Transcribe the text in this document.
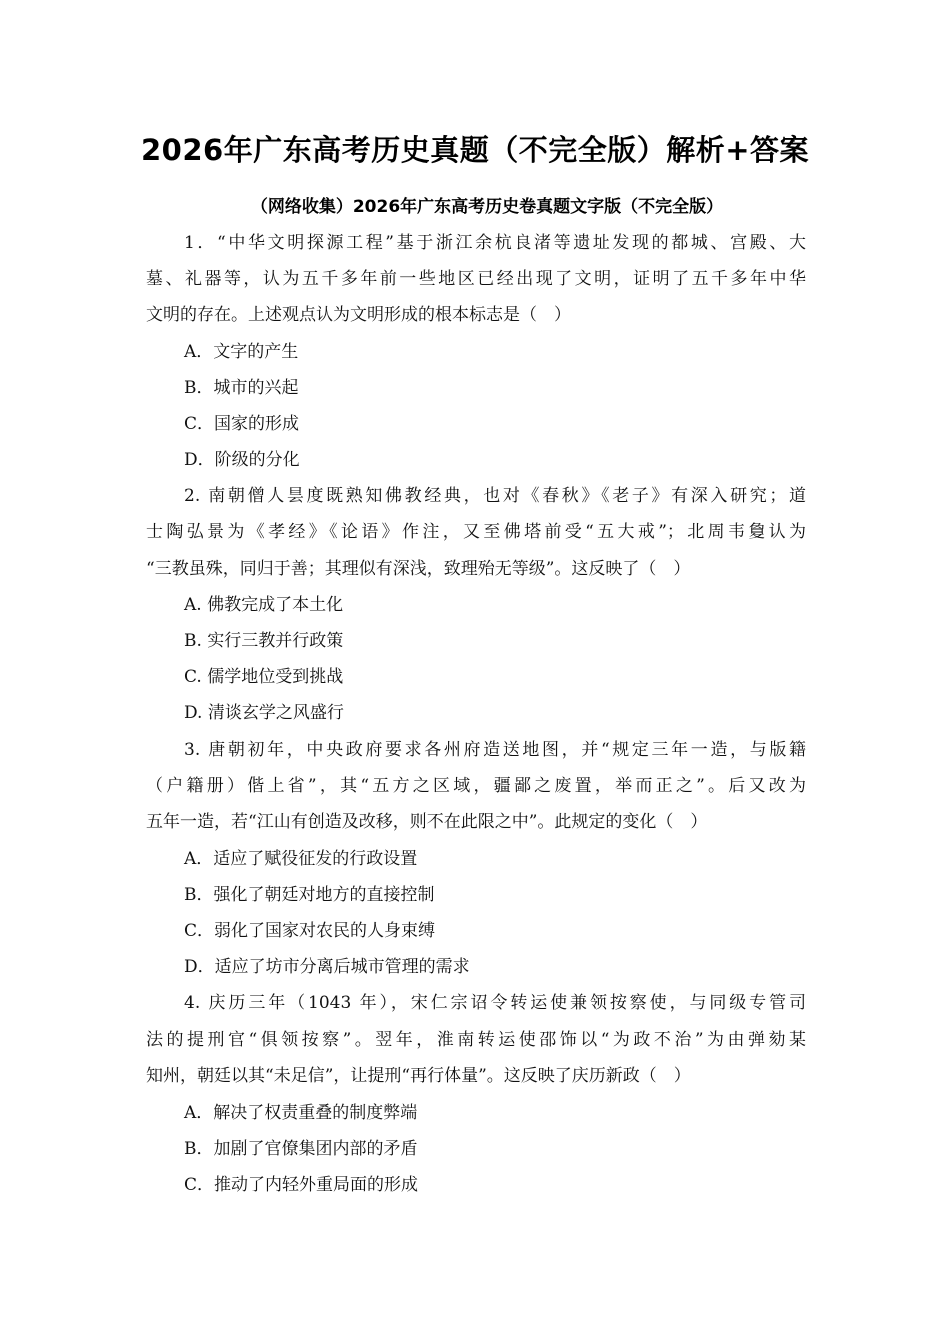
2026年广东高考历史真题（不完全版）解析+答案
（网络收集）2026年广东高考历史卷真题文字版（不完全版）
1．“中华文明探源工程”基于浙江余杭良渚等遗址发现的都城、宫殿、大
墓、礼器等，认为五千多年前一些地区已经出现了文明，证明了五千多年中华
文明的存在。上述观点认为文明形成的根本标志是（　）
A．文字的产生
B．城市的兴起
C．国家的形成
D．阶级的分化
2. 南朝僧人昙度既熟知佛教经典，也对《春秋》《老子》有深入研究；道
士陶弘景为《孝经》《论语》作注，又至佛塔前受“五大戒”；北周韦敻认为
“三教虽殊，同归于善；其理似有深浅，致理殆无等级”。这反映了（　）
A. 佛教完成了本土化
B. 实行三教并行政策
C. 儒学地位受到挑战
D. 清谈玄学之风盛行
3. 唐朝初年，中央政府要求各州府造送地图，并“规定三年一造，与版籍
（户籍册）偕上省”，其“五方之区域，疆鄙之废置，举而正之”。后又改为
五年一造，若“江山有创造及改移，则不在此限之中”。此规定的变化（　）
A．适应了赋役征发的行政设置
B．强化了朝廷对地方的直接控制
C．弱化了国家对农民的人身束缚
D．适应了坊市分离后城市管理的需求
4. 庆历三年（1043 年），宋仁宗诏令转运使兼领按察使，与同级专管司
法的提刑官“俱领按察”。翌年，淮南转运使邵饰以“为政不治”为由弹劾某
知州，朝廷以其“未足信”，让提刑“再行体量”。这反映了庆历新政（　）
A．解决了权责重叠的制度弊端
B．加剧了官僚集团内部的矛盾
C．推动了内轻外重局面的形成
